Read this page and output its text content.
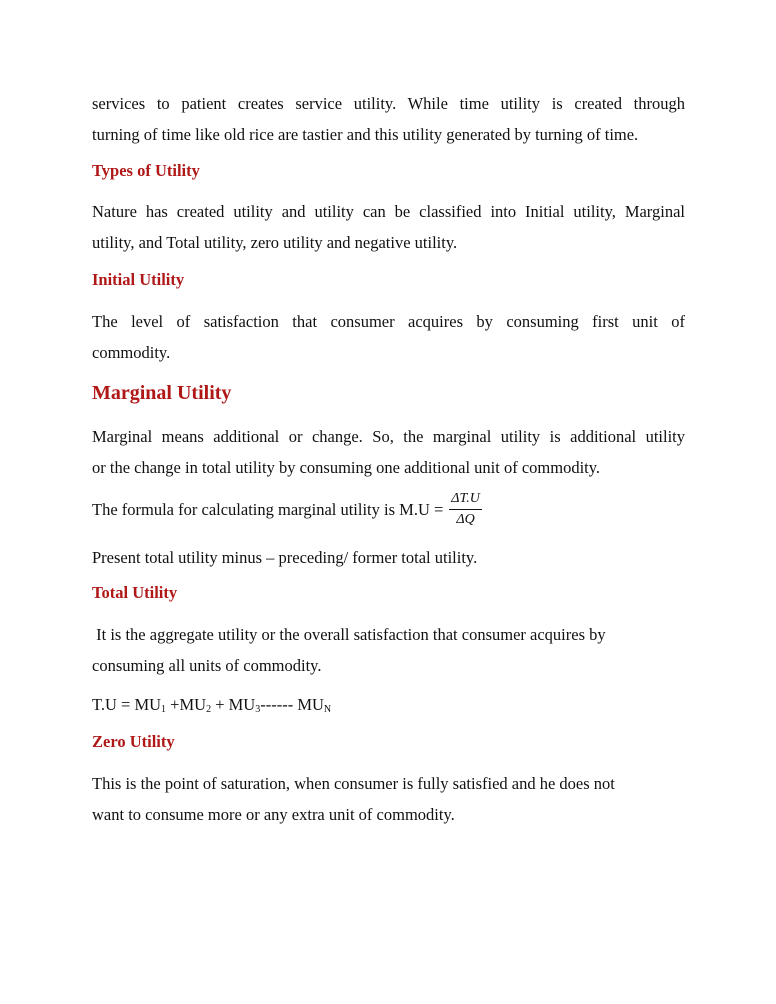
services to patient creates service utility. While time utility is created through

turning of time like old rice are tastier and this utility generated by turning of time.

Types of Utility

Nature has created utility and utility can be classified into Initial utility, Marginal

utility, and Total utility, zero utility and negative utility.

Initial Utility

The level of satisfaction that consumer acquires by consuming first unit of

commodity.

Marginal Utility

Marginal means additional or change. So, the marginal utility is additional utility

or the change in total utility by consuming one additional unit of commodity.

The formula for calculating marginal utility is $M.U = \frac{\Delta T.U}{\Delta Q}$

Present total utility minus – preceding/ former total utility.

Total Utility

It is the aggregate utility or the overall satisfaction that consumer acquires by

consuming all units of commodity.

$T.U = MU_1 +MU_2 + MU_3------$ $MU_N$

Zero Utility

This is the point of saturation, when consumer is fully satisfied and he does not

want to consume more or any extra unit of commodity.
